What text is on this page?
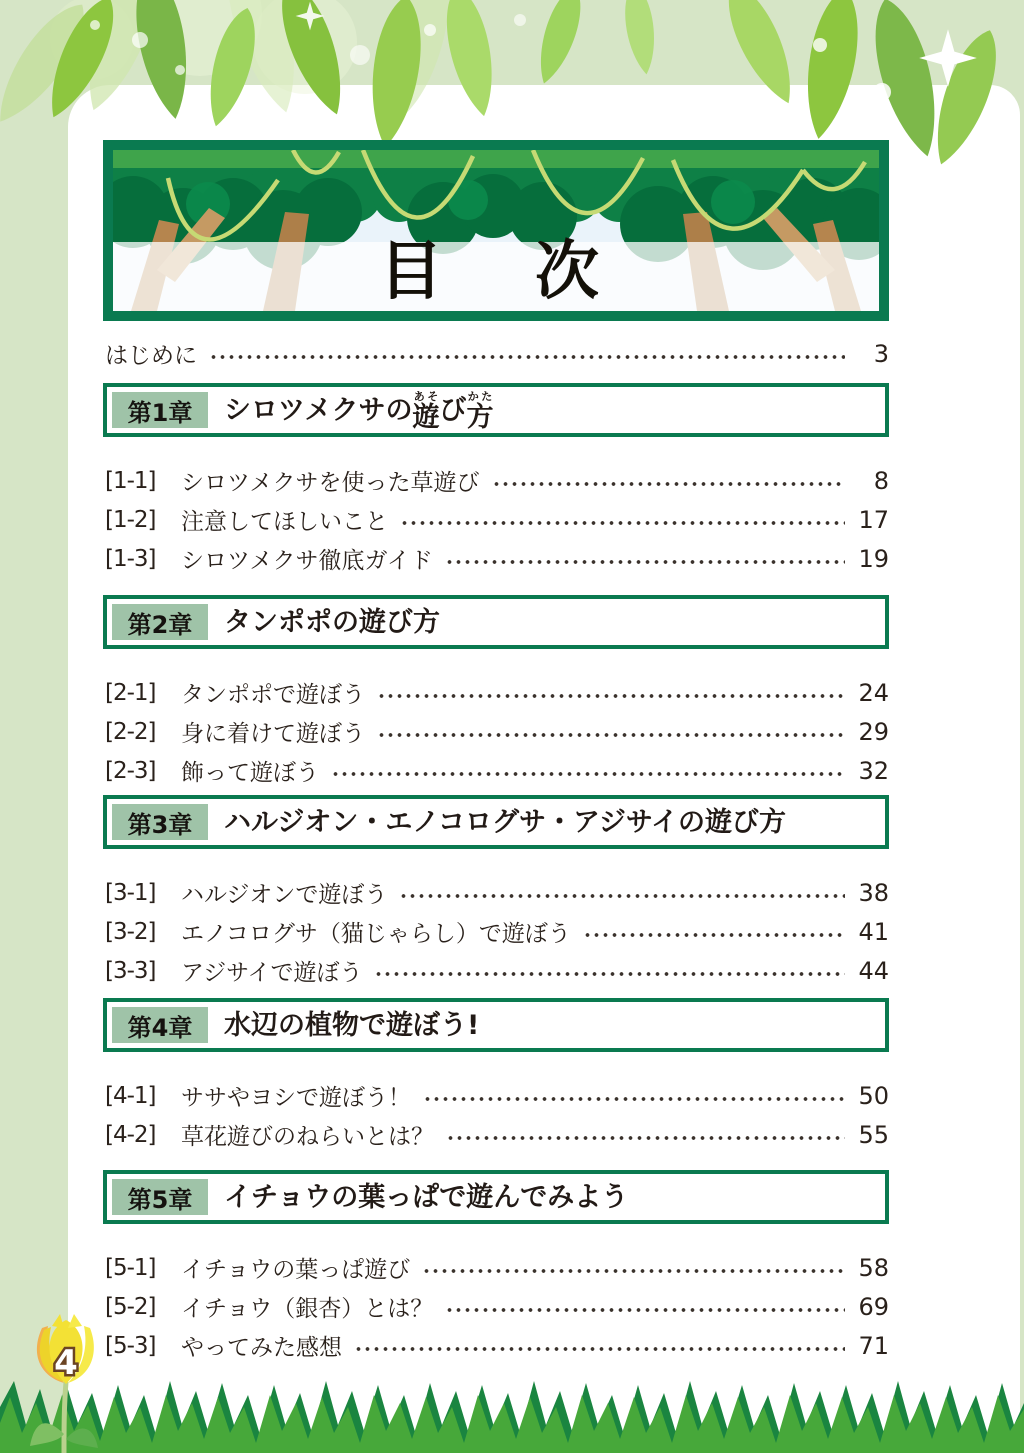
目　次
はじめに	3
第1章	シロツメクサの 遊あそ び 方かた
[1-1]	シロツメクサを使った草遊び	8
[1-2]	注意してほしいこと	17
[1-3]	シロツメクサ徹底ガイド	19
第2章	タンポポの遊び方
[2-1]	タンポポで遊ぼう	24
[2-2]	身に着けて遊ぼう	29
[2-3]	飾って遊ぼう	32
第3章	ハルジオン・エノコログサ・アジサイの遊び方
[3-1]	ハルジオンで遊ぼう	38
[3-2]	エノコログサ（猫じゃらし）で遊ぼう	41
[3-3]	アジサイで遊ぼう	44
第4章	水辺の植物で遊ぼう!
[4-1]	ササやヨシで遊ぼう！	50
[4-2]	草花遊びのねらいとは？	55
第5章	イチョウの葉っぱで遊んでみよう
[5-1]	イチョウの葉っぱ遊び	58
[5-2]	イチョウ（銀杏）とは？	69
[5-3]	やってみた感想	71
4
